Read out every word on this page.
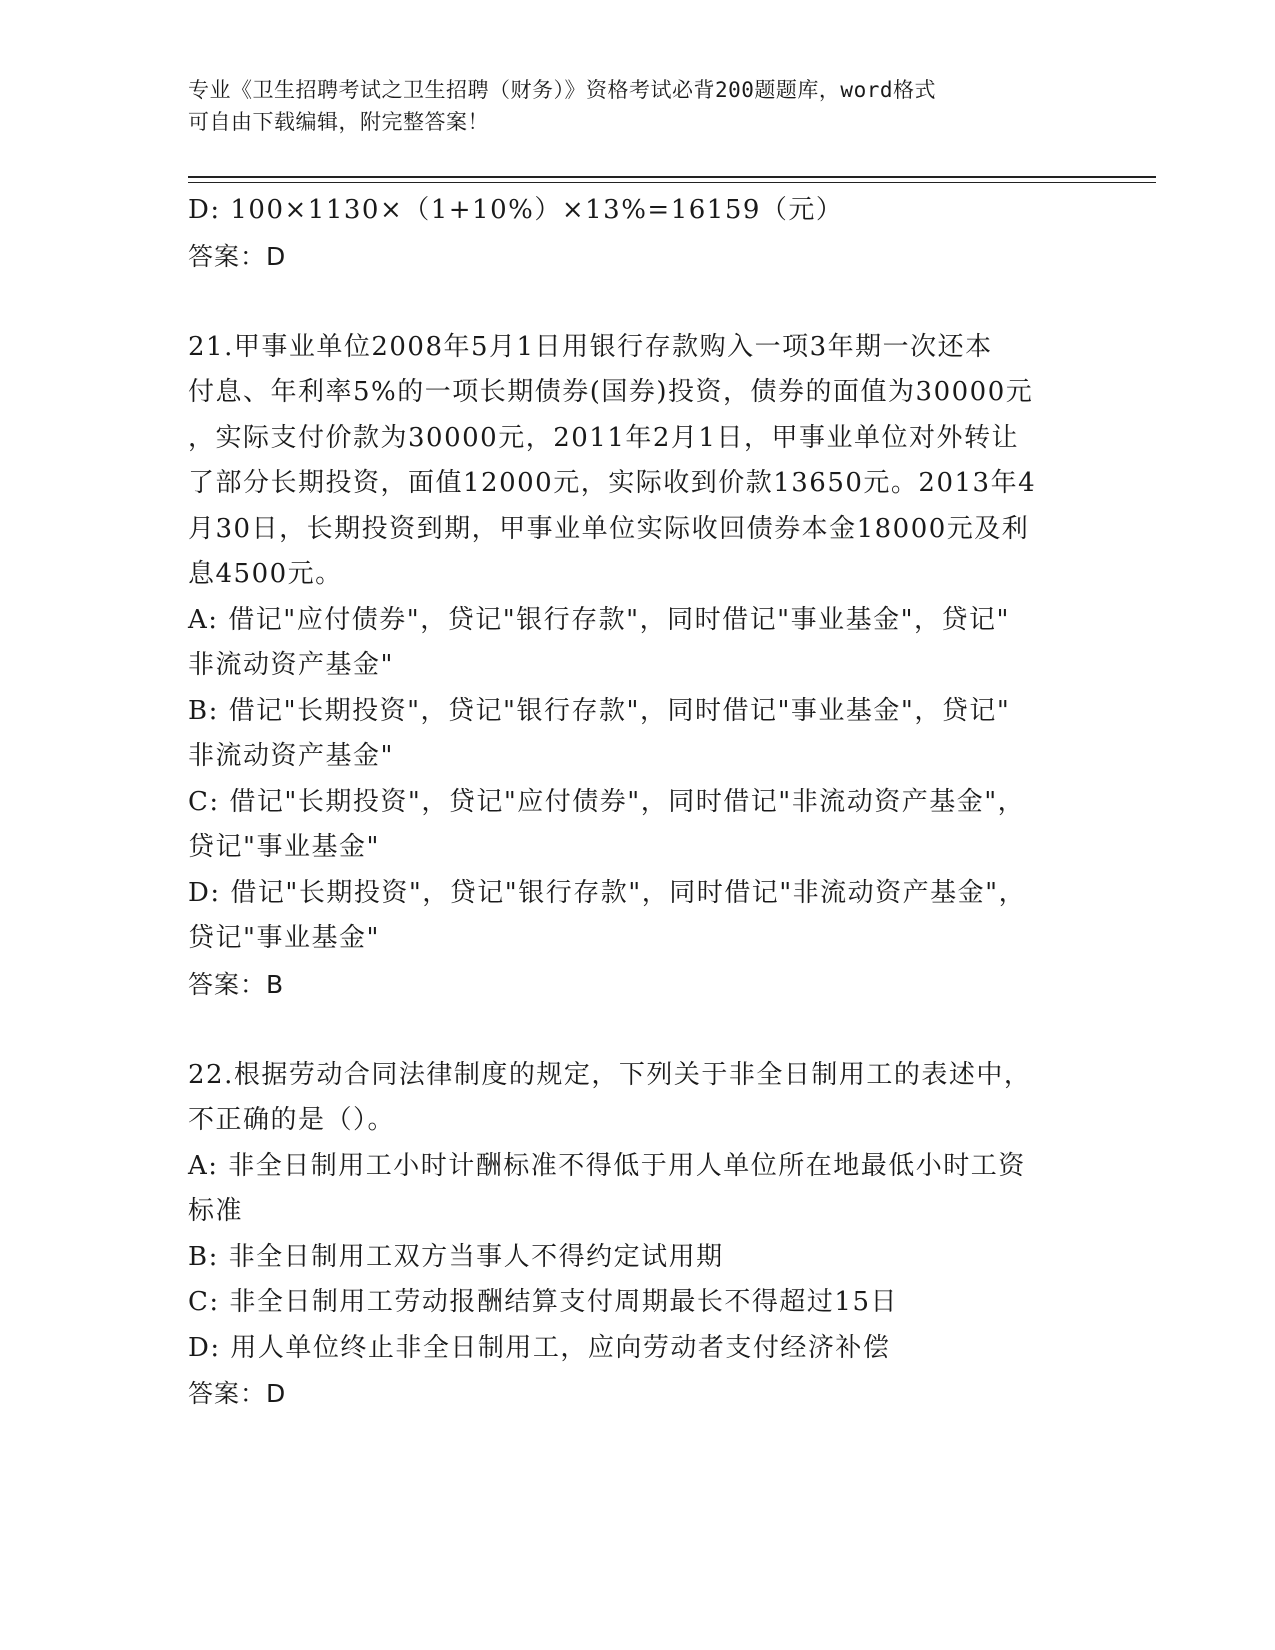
专业《卫生招聘考试之卫生招聘（财务）》资格考试必背200题题库，word格式
可自由下载编辑，附完整答案！
D: 100×1130×（1+10%）×13%=16159（元）
答案：D
21.甲事业单位2008年5月1日用银行存款购入一项3年期一次还本
付息、年利率5%的一项长期债券(国券)投资，债券的面值为30000元
，实际支付价款为30000元，2011年2月1日，甲事业单位对外转让
了部分长期投资，面值12000元，实际收到价款13650元。2013年4
月30日，长期投资到期，甲事业单位实际收回债券本金18000元及利
息4500元。
A: 借记"应付债券"，贷记"银行存款"，同时借记"事业基金"，贷记"
非流动资产基金"
B: 借记"长期投资"，贷记"银行存款"，同时借记"事业基金"，贷记"
非流动资产基金"
C: 借记"长期投资"，贷记"应付债券"，同时借记"非流动资产基金"，
贷记"事业基金"
D: 借记"长期投资"，贷记"银行存款"，同时借记"非流动资产基金"，
贷记"事业基金"
答案：B
22.根据劳动合同法律制度的规定，下列关于非全日制用工的表述中，
不正确的是（）。
A: 非全日制用工小时计酬标准不得低于用人单位所在地最低小时工资
标准
B: 非全日制用工双方当事人不得约定试用期
C: 非全日制用工劳动报酬结算支付周期最长不得超过15日
D: 用人单位终止非全日制用工，应向劳动者支付经济补偿
答案：D
